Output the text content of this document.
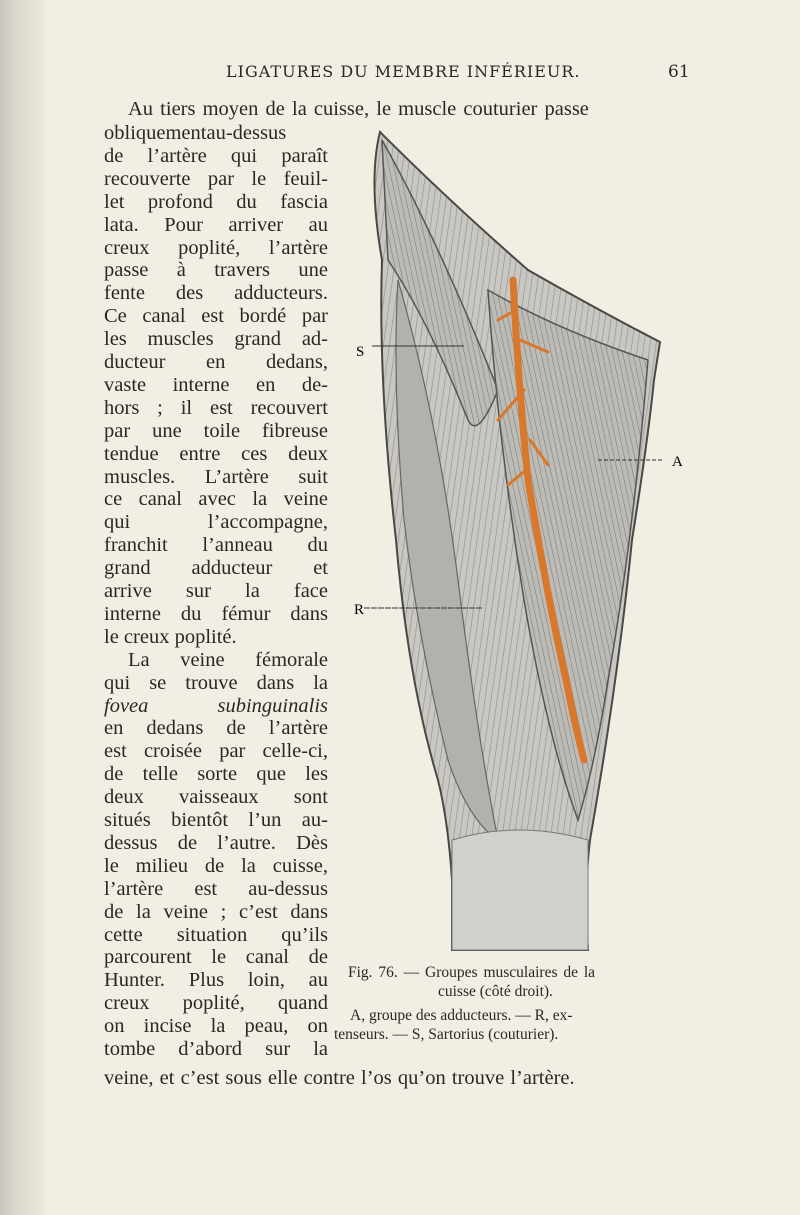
LIGATURES DU MEMBRE INFÉRIEUR.	61
Au tiers moyen de la cuisse, le muscle couturier passe
obliquementau-dessus
de l’artère qui paraît
recouverte par le feuil-
let profond du fascia
lata. Pour arriver au
creux poplité, l’artère
passe à travers une
fente des adducteurs.
Ce canal est bordé par
les muscles grand ad-
ducteur en dedans,
vaste interne en de-
hors ; il est recouvert
par une toile fibreuse
tendue entre ces deux
muscles. L’artère suit
ce canal avec la veine
qui l’accompagne,
franchit l’anneau du
grand adducteur et
arrive sur la face
interne du fémur dans
le creux poplité.
La veine fémorale
qui se trouve dans la
fovea subinguinalis
en dedans de l’artère
est croisée par celle-ci,
de telle sorte que les
deux vaisseaux sont
situés bientôt l’un au-
dessus de l’autre. Dès
le milieu de la cuisse,
l’artère est au-dessus
de la veine ; c’est dans
cette situation qu’ils
parcourent le canal de
Hunter. Plus loin, au
creux poplité, quand
on incise la peau, on
tombe d’abord sur la
veine, et c’est sous elle contre l’os qu’on trouve l’artère.
S
A
R
Fig. 76. — Groupes musculaires de la
cuisse (côté droit).
A, groupe des adducteurs. — R, ex-
tenseurs. — S, Sartorius (couturier).
